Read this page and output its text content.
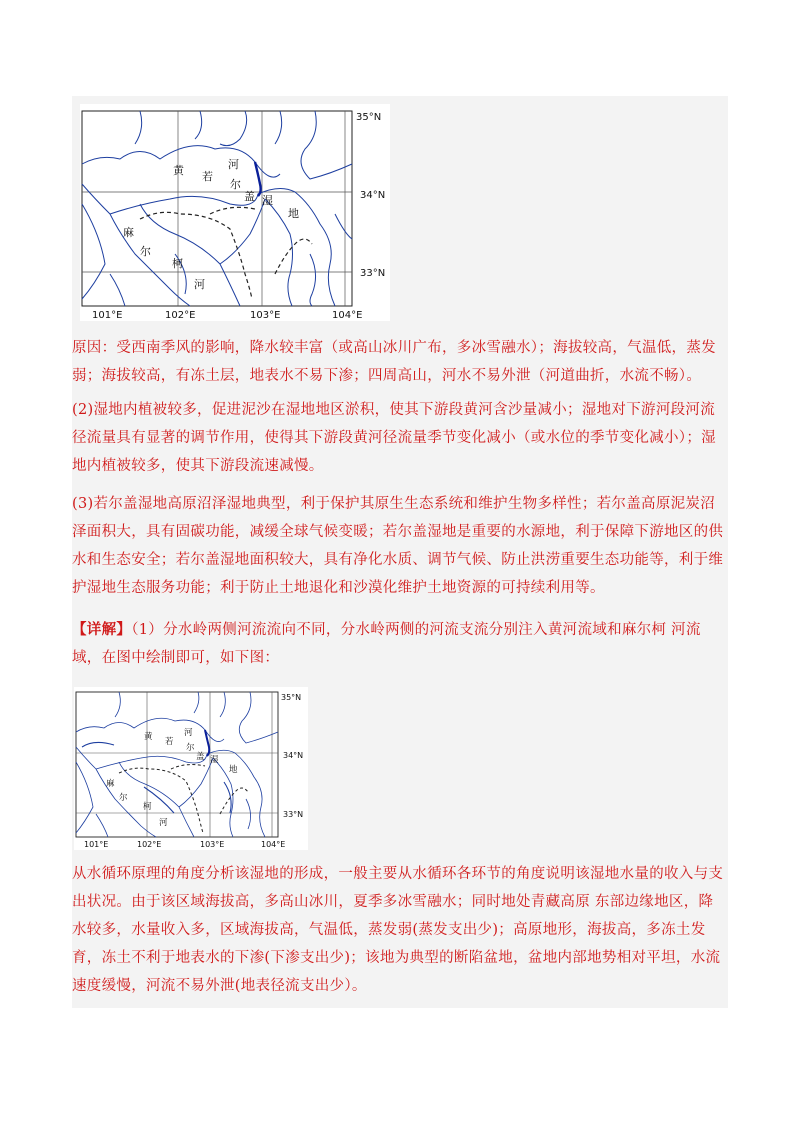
黄 若
河
尔
盖 湿
地
麻
尔
柯
河
35°N
34°N
33°N
101°E	102°E	103°E	104°E

原因：受西南季风的影响，降水较丰富（或高山冰川广布，多冰雪融水）；海拔较高，气温低，蒸发弱；海拔较高，有冻土层，地表水不易下渗；四周高山，河水不易外泄（河道曲折，水流不畅）。

(2)湿地内植被较多，促进泥沙在湿地地区淤积，使其下游段黄河含沙量减小；湿地对下游河段河流径流量具有显著的调节作用，使得其下游段黄河径流量季节变化减小（或水位的季节变化减小）；湿地内植被较多，使其下游段流速减慢。

(3)若尔盖湿地高原沼泽湿地典型，利于保护其原生生态系统和维护生物多样性；若尔盖高原泥炭沼泽面积大，具有固碳功能，减缓全球气候变暖；若尔盖湿地是重要的水源地，利于保障下游地区的供水和生态安全；若尔盖湿地面积较大，具有净化水质、调节气候、防止洪涝重要生态功能等，利于维护湿地生态服务功能；利于防止土地退化和沙漠化维护土地资源的可持续利用等。

【详解】（1）分水岭两侧河流流向不同，分水岭两侧的河流支流分别注入黄河流域和麻尔柯 河流域，在图中绘制即可，如下图：

黄 若
河
尔
盖 湿
地
麻
尔
柯
河
35°N
34°N
33°N
101°E	102°E	103°E	104°E

从水循环原理的角度分析该湿地的形成，一般主要从水循环各环节的角度说明该湿地水量的收入与支出状况。由于该区域海拔高，多高山冰川，夏季多冰雪融水；同时地处青藏高原 东部边缘地区，降水较多，水量收入多，区域海拔高，气温低，蒸发弱(蒸发支出少)；高原地形，海拔高，多冻土发育，冻土不利于地表水的下渗(下渗支出少)；该地为典型的断陷盆地，盆地内部地势相对平坦，水流速度缓慢，河流不易外泄(地表径流支出少）。
